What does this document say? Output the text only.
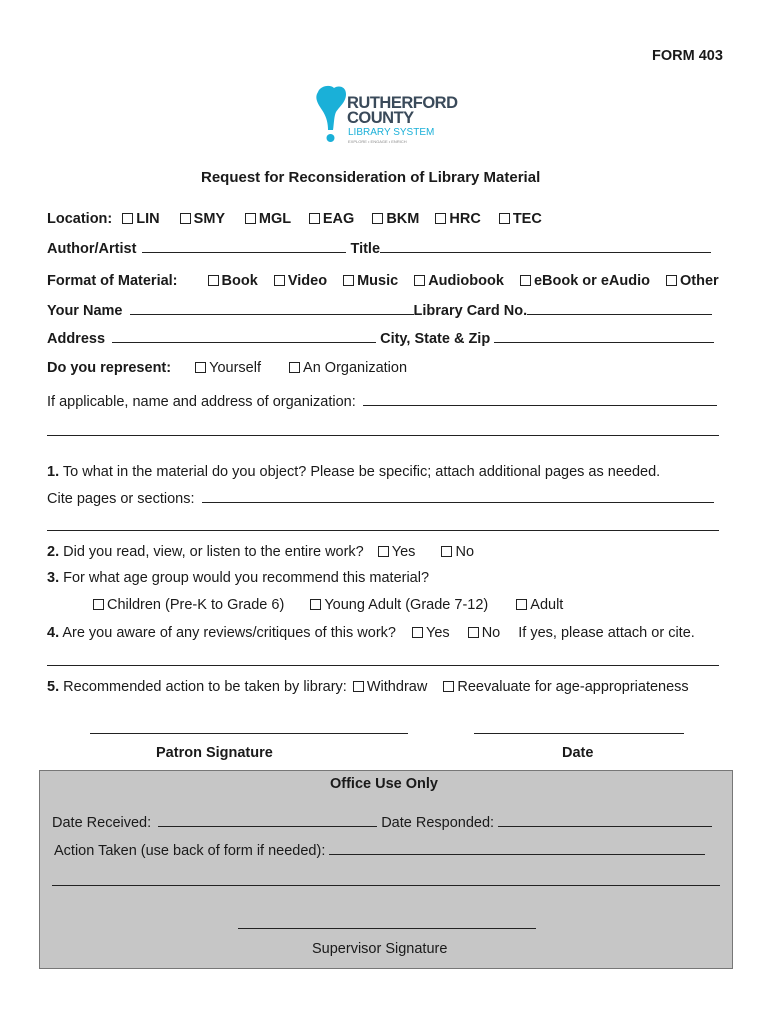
FORM 403
RUTHERFORD
COUNTY
LIBRARY SYSTEM
EXPLORE • ENGAGE • ENRICH
Request for Reconsideration of Library Material
Location: LIN SMY MGL EAG BKM HRC TEC
Author/Artist	Title
Format of Material:	Book Video Music Audiobook eBook or eAudio Other
Your Name	Library Card No.
Address	City, State & Zip
Do you represent:	Yourself	An Organization
If applicable, name and address of organization:
1. To what in the material do you object? Please be specific; attach additional pages as needed.
Cite pages or sections:
2. Did you read, view, or listen to the entire work? Yes	No
3. For what age group would you recommend this material?
Children (Pre-K to Grade 6)	Young Adult (Grade 7-12)	Adult
4. Are you aware of any reviews/critiques of this work? Yes No If yes, please attach or cite.
5. Recommended action to be taken by library: Withdraw Reevaluate for age-appropriateness
Patron Signature	Date
Office Use Only
Date Received:	Date Responded:
Action Taken (use back of form if needed):
Supervisor Signature
